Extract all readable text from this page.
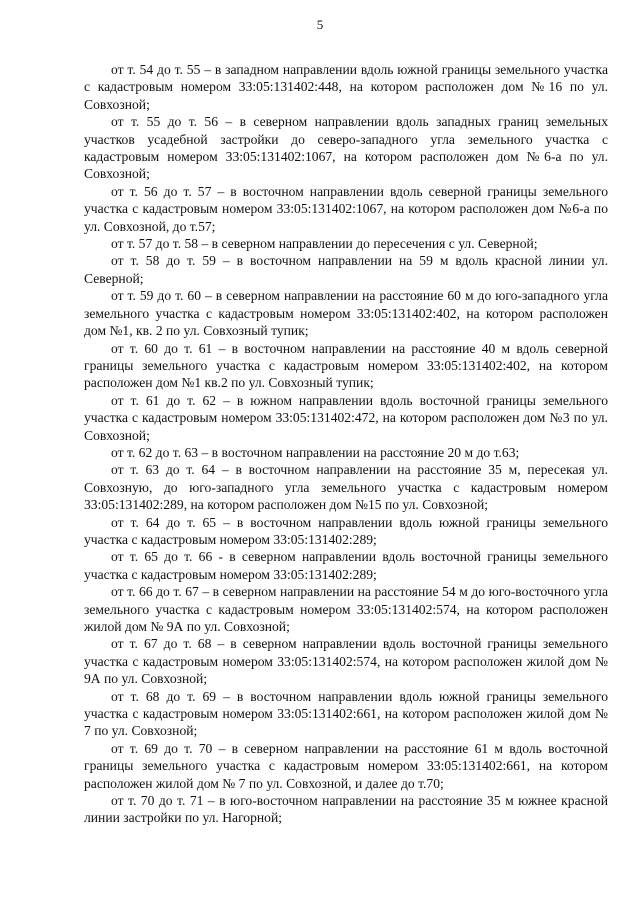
5

от т. 54 до т. 55 – в западном направлении вдоль южной границы земельного участка с кадастровым номером 33:05:131402:448, на котором расположен дом №16 по ул. Совхозной;

от т. 55 до т. 56 – в северном направлении вдоль западных границ земельных участков усадебной застройки до северо-западного угла земельного участка с кадастровым номером 33:05:131402:1067, на котором расположен дом №6-а по ул. Совхозной;

от т. 56 до т. 57 – в восточном направлении вдоль северной границы земельного участка с кадастровым номером 33:05:131402:1067, на котором расположен дом №6-а по ул. Совхозной, до т.57;

от т. 57 до т. 58 – в северном направлении до пересечения с ул. Северной;

от т. 58 до т. 59 – в восточном направлении на 59 м вдоль красной линии ул. Северной;

от т. 59 до т. 60 – в северном направлении на расстояние 60 м до юго-западного угла земельного участка с кадастровым номером 33:05:131402:402, на котором расположен дом №1, кв. 2 по ул. Совхозный тупик;

от т. 60 до т. 61 – в восточном направлении на расстояние 40 м вдоль северной границы земельного участка с кадастровым номером 33:05:131402:402, на котором расположен дом №1 кв.2 по ул. Совхозный тупик;

от т. 61 до т. 62 – в южном направлении вдоль восточной границы земельного участка с кадастровым номером 33:05:131402:472, на котором расположен дом №3 по ул. Совхозной;

от т. 62 до т. 63 – в восточном направлении на расстояние 20 м до т.63;

от т. 63 до т. 64 – в восточном направлении на расстояние 35 м, пересекая ул. Совхозную, до юго-западного угла земельного участка с кадастровым номером 33:05:131402:289, на котором расположен дом №15 по ул. Совхозной;

от т. 64 до т. 65 – в восточном направлении вдоль южной границы земельного участка с кадастровым номером 33:05:131402:289;

от т. 65 до т. 66 - в северном направлении вдоль восточной границы земельного участка с кадастровым номером 33:05:131402:289;

от т. 66 до т. 67 – в северном направлении на расстояние 54 м до юго-восточного угла земельного участка с кадастровым номером 33:05:131402:574, на котором расположен жилой дом № 9А по ул. Совхозной;

от т. 67 до т. 68 – в северном направлении вдоль восточной границы земельного участка с кадастровым номером 33:05:131402:574, на котором расположен жилой дом № 9А по ул. Совхозной;

от т. 68 до т. 69 – в восточном направлении вдоль южной границы земельного участка с кадастровым номером 33:05:131402:661, на котором расположен жилой дом № 7 по ул. Совхозной;

от т. 69 до т. 70 – в северном направлении на расстояние 61 м вдоль восточной границы земельного участка с кадастровым номером 33:05:131402:661, на котором расположен жилой дом № 7 по ул. Совхозной, и далее до т.70;

от т. 70 до т. 71 – в юго-восточном направлении на расстояние 35 м южнее красной линии застройки по ул. Нагорной;
